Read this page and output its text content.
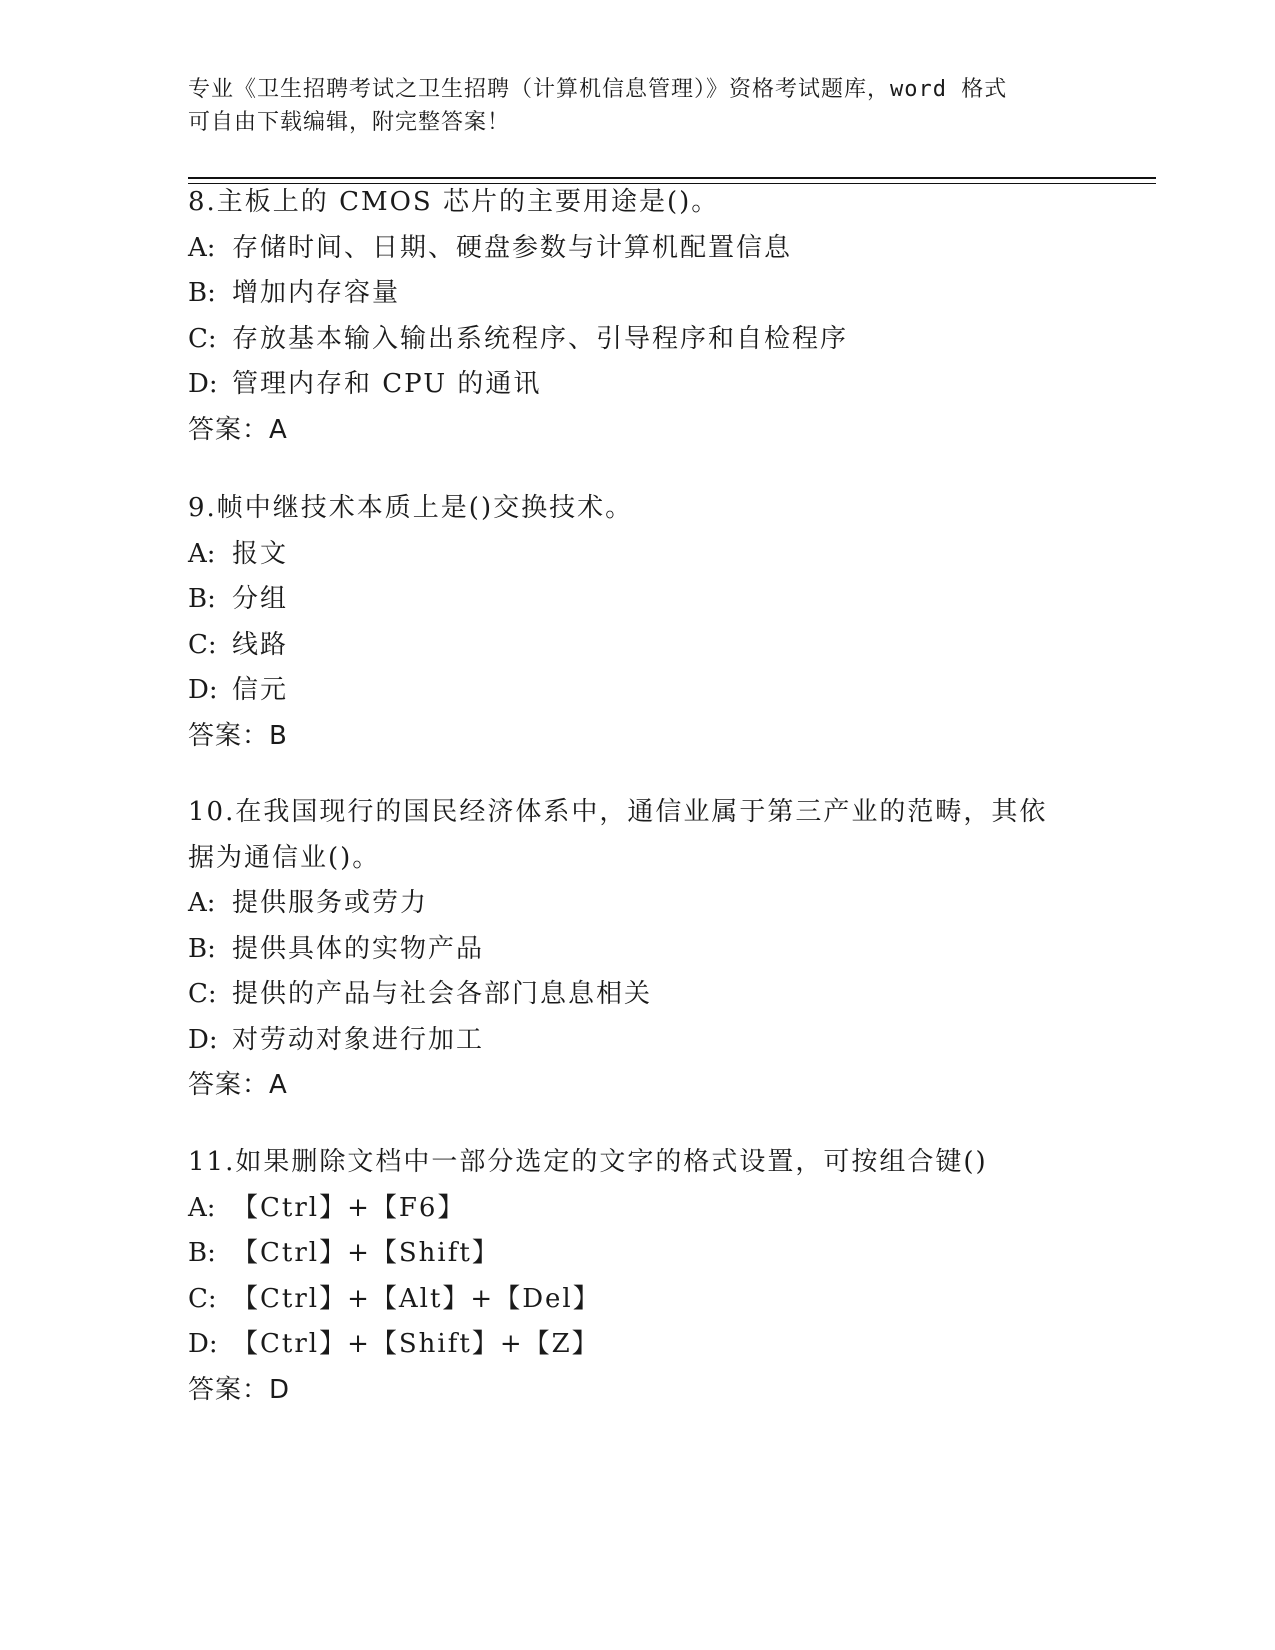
专业《卫生招聘考试之卫生招聘（计算机信息管理）》资格考试题库，word 格式
可自由下载编辑，附完整答案！
8.主板上的 CMOS 芯片的主要用途是()。
A: 存储时间、日期、硬盘参数与计算机配置信息
B: 增加内存容量
C: 存放基本输入输出系统程序、引导程序和自检程序
D: 管理内存和 CPU 的通讯
答案：A
9.帧中继技术本质上是()交换技术。
A: 报文
B: 分组
C: 线路
D: 信元
答案：B
10.在我国现行的国民经济体系中，通信业属于第三产业的范畴，其依
据为通信业()。
A: 提供服务或劳力
B: 提供具体的实物产品
C: 提供的产品与社会各部门息息相关
D: 对劳动对象进行加工
答案：A
11.如果删除文档中一部分选定的文字的格式设置，可按组合键()
A: 【Ctrl】+【F6】
B: 【Ctrl】+【Shift】
C: 【Ctrl】+【Alt】+【Del】
D: 【Ctrl】+【Shift】+【Z】
答案：D
